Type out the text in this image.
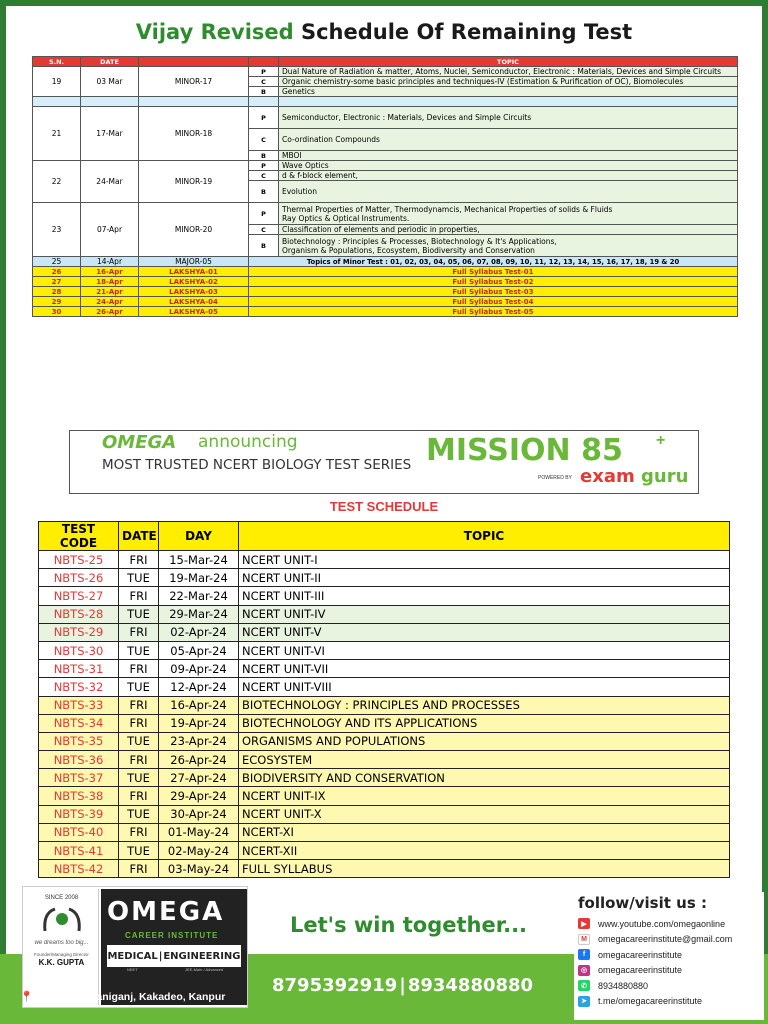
Vijay Revised Schedule Of Remaining Test
S.N.	DATE			TOPIC
19	03 Mar	MINOR-17	P	Dual Nature of Radiation & matter, Atoms, Nuclei, Semiconductor, Electronic : Materials, Devices and Simple Circuits

			C	Organic chemistry-some basic principles and techniques-IV (Estimation & Purification of OC), Biomolecules

			B	Genetics

21	17-Mar	MINOR-18	P	Semiconductor, Electronic : Materials, Devices and Simple Circuits

			C	Co-ordination Compounds

			B	MBOI

22	24-Mar	MINOR-19	P	Wave Optics

			C	d & f-block element,

			B	Evolution

23	07-Apr	MINOR-20	P	Thermal Properties of Matter, Thermodynamcis, Mechanical Properties of solids & Fluids
Ray Optics & Optical Instruments.

			C	Classification of elements and periodic in properties,

			B	Biotechnology : Principles & Processes, Biotechnology & It's Applications,
Organism & Populations, Ecosystem, Biodiversity and Conservation

25	14-Apr	MAJOR-05	Topics of Minor Test : 01, 02, 03, 04, 05, 06, 07, 08, 09, 10, 11, 12, 13, 14, 15, 16, 17, 18, 19 & 20	
26	16-Apr	LAKSHYA-01	Full Syllabus Test-01	
27	18-Apr	LAKSHYA-02	Full Syllabus Test-02	
28	21-Apr	LAKSHYA-03	Full Syllabus Test-03	
29	24-Apr	LAKSHYA-04	Full Syllabus Test-04	
30	26-Apr	LAKSHYA-05	Full Syllabus Test-05	
OMEGA announcing
MOST TRUSTED NCERT BIOLOGY TEST SERIES MISSION 85 +
POWERED BY exam guru
TEST SCHEDULE
TEST CODE	DATE	DAY	TOPIC
NBTS-25	FRI	15-Mar-24	NCERT UNIT-I
NBTS-26	TUE	19-Mar-24	NCERT UNIT-II
NBTS-27	FRI	22-Mar-24	NCERT UNIT-III
NBTS-28	TUE	29-Mar-24	NCERT UNIT-IV
NBTS-29	FRI	02-Apr-24	NCERT UNIT-V
NBTS-30	TUE	05-Apr-24	NCERT UNIT-VI
NBTS-31	FRI	09-Apr-24	NCERT UNIT-VII
NBTS-32	TUE	12-Apr-24	NCERT UNIT-VIII
NBTS-33	FRI	16-Apr-24	BIOTECHNOLOGY : PRINCIPLES AND PROCESSES
NBTS-34	FRI	19-Apr-24	BIOTECHNOLOGY AND ITS APPLICATIONS
NBTS-35	TUE	23-Apr-24	ORGANISMS AND POPULATIONS
NBTS-36	FRI	26-Apr-24	ECOSYSTEM
NBTS-37	TUE	27-Apr-24	BIODIVERSITY AND CONSERVATION
NBTS-38	FRI	29-Apr-24	NCERT UNIT-IX
NBTS-39	TUE	30-Apr-24	NCERT UNIT-X
NBTS-40	FRI	01-May-24	NCERT-XI
NBTS-41	TUE	02-May-24	NCERT-XII
NBTS-42	FRI	03-May-24	FULL SYLLABUS
SINCE 2008
we dreams too big...
Founder/Managing Director
K.K. GUPTA
OMEGA
CAREER INSTITUTE
MEDICAL | ENGINEERING
NEET	JEE-Main / Advanced
📍 117/N/303, Raniganj, Kakadeo, Kanpur
Let's win together...
8795392919 | 8934880880
follow/visit us :
▶	www.youtube.com/omegaonline
M	omegacareerinstitute@gmail.com
f	omegacareerinstitute
◎	omegacareerinstitute
✆	8934880880
➤	t.me/omegacareerinstitute
